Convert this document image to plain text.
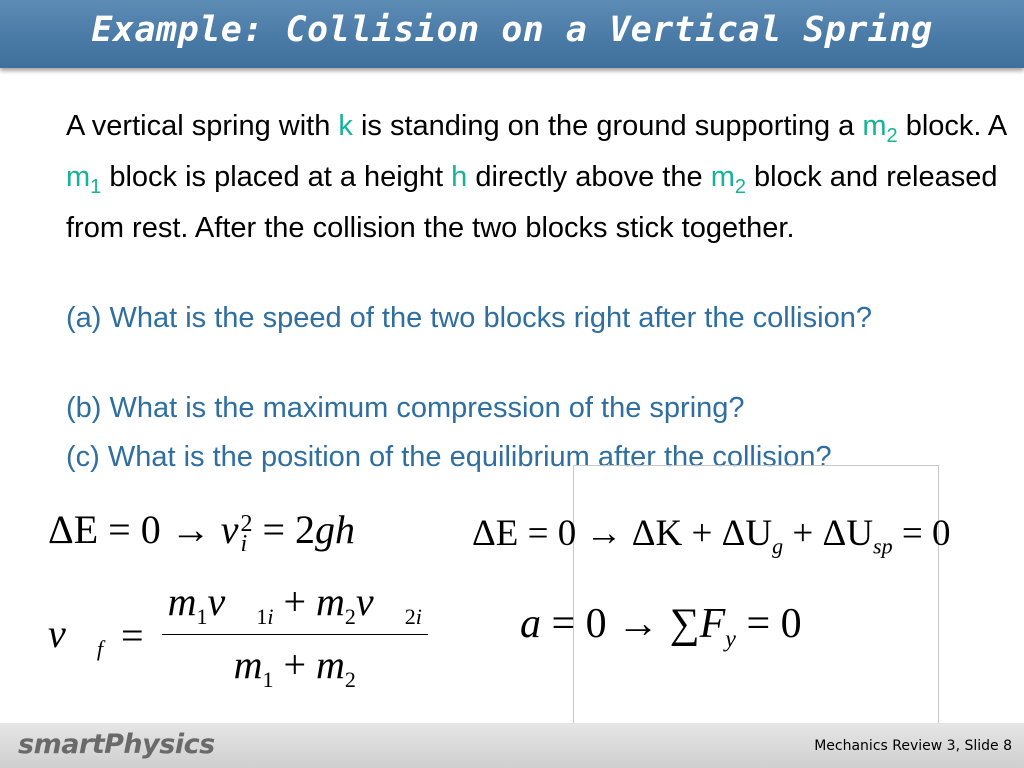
Example: Collision on a Vertical Spring
A vertical spring with k is standing on the ground supporting a $m_2$ block. A $m_1$ block is placed at a height h directly above the $m_2$ block and released from rest. After the collision the two blocks stick together.
(a) What is the speed of the two blocks right after the collision?
(b) What is the maximum compression of the spring?
(c) What is the position of the equilibrium after the collision?
ΔE = 0 → v 2
i = 2gh
$v⃗_f = \frac{m_1v⃗_{1i} + m_2v⃗_{2i}}{m_1 + m_2}$
$\Delta E = 0 \to \Delta K + \Delta U_g + \Delta U_{sp} = 0$
$a = 0 \to \sum F_y = 0$
smartPhysics	Mechanics Review 3, Slide 8
